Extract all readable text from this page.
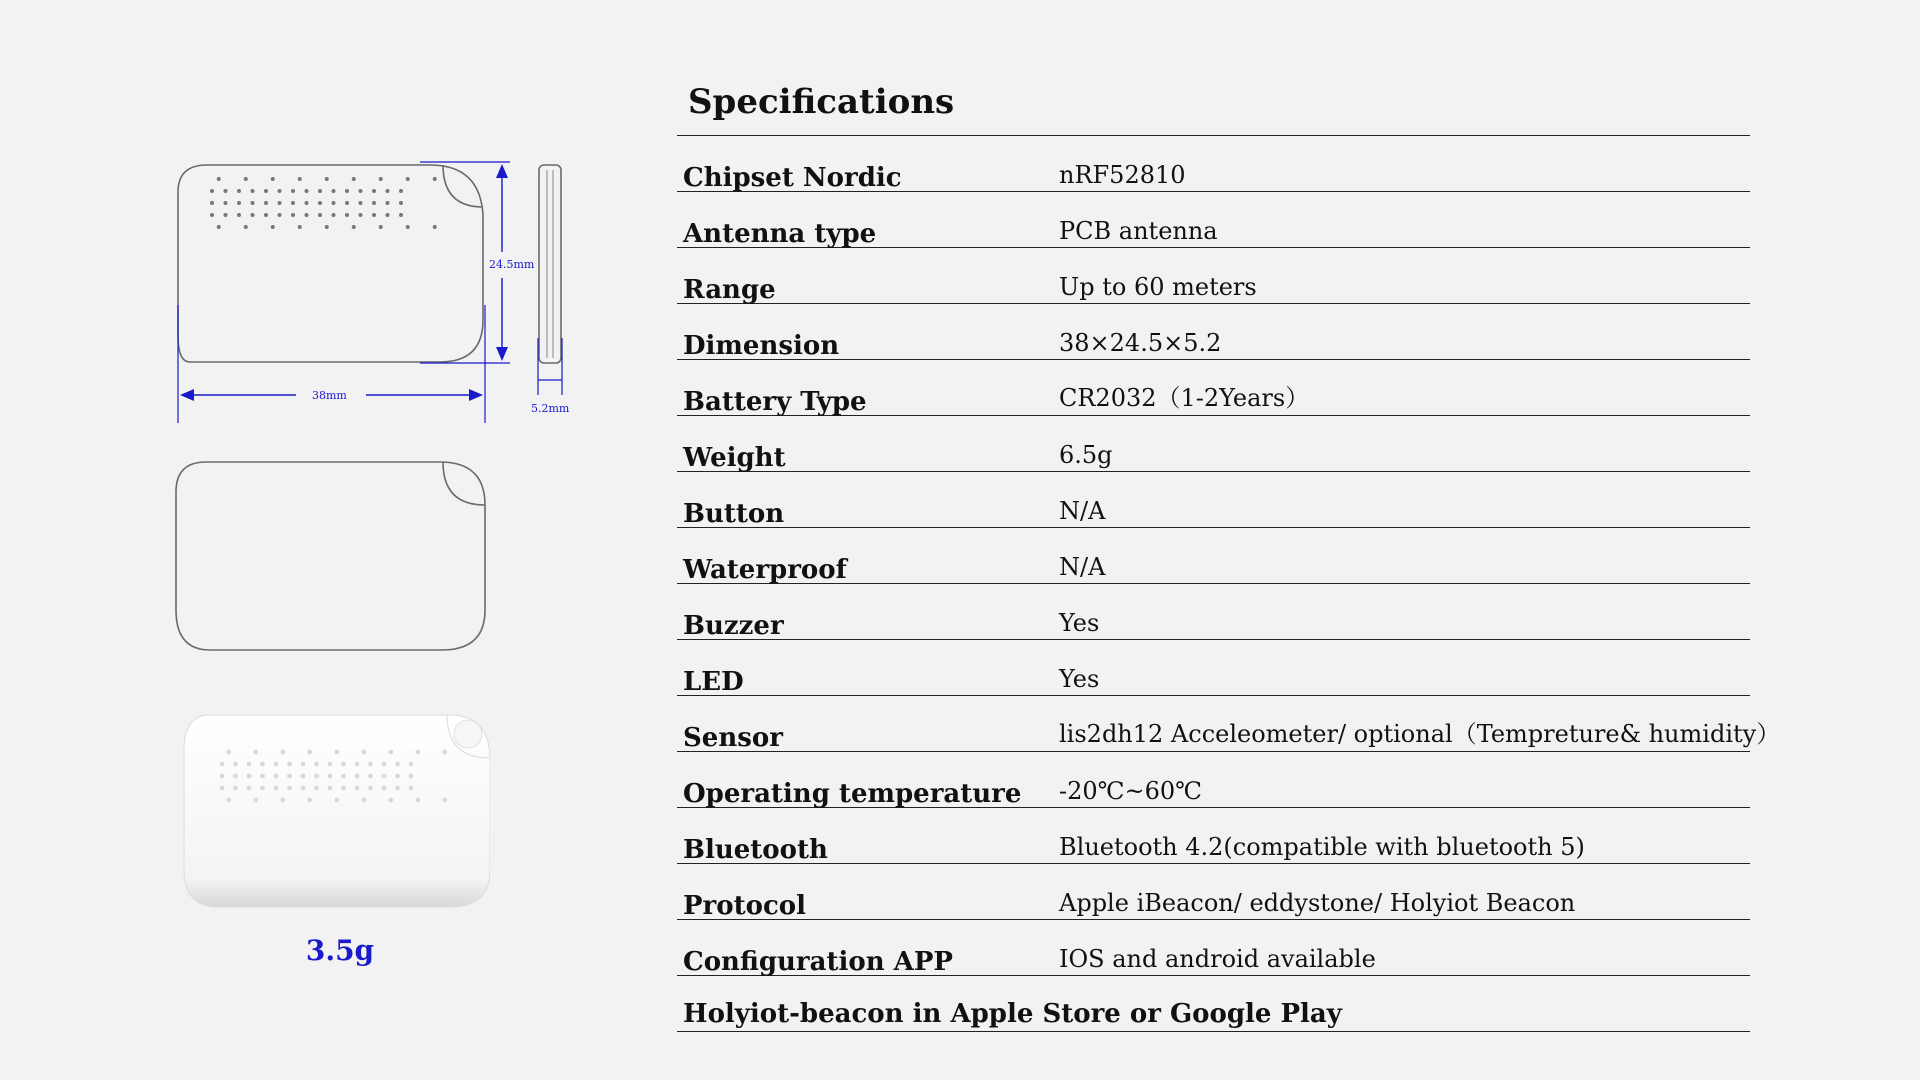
24.5mm
38mm
5.2mm
3.5g
Specifications
Chipset Nordic	nRF52810
Antenna type	PCB antenna
Range	Up to 60 meters
Dimension	38×24.5×5.2
Battery Type	CR2032（1-2Years）
Weight	6.5g
Button	N/A
Waterproof	N/A
Buzzer	Yes
LED	Yes
Sensor	lis2dh12 Acceleometer/ optional（Tempreture& humidity）
Operating temperature -20℃~60℃
Bluetooth	Bluetooth 4.2(compatible with bluetooth 5)
Protocol	Apple iBeacon/ eddystone/ Holyiot Beacon
Configuration APP	IOS and android available
Holyiot-beacon in Apple Store or Google Play
